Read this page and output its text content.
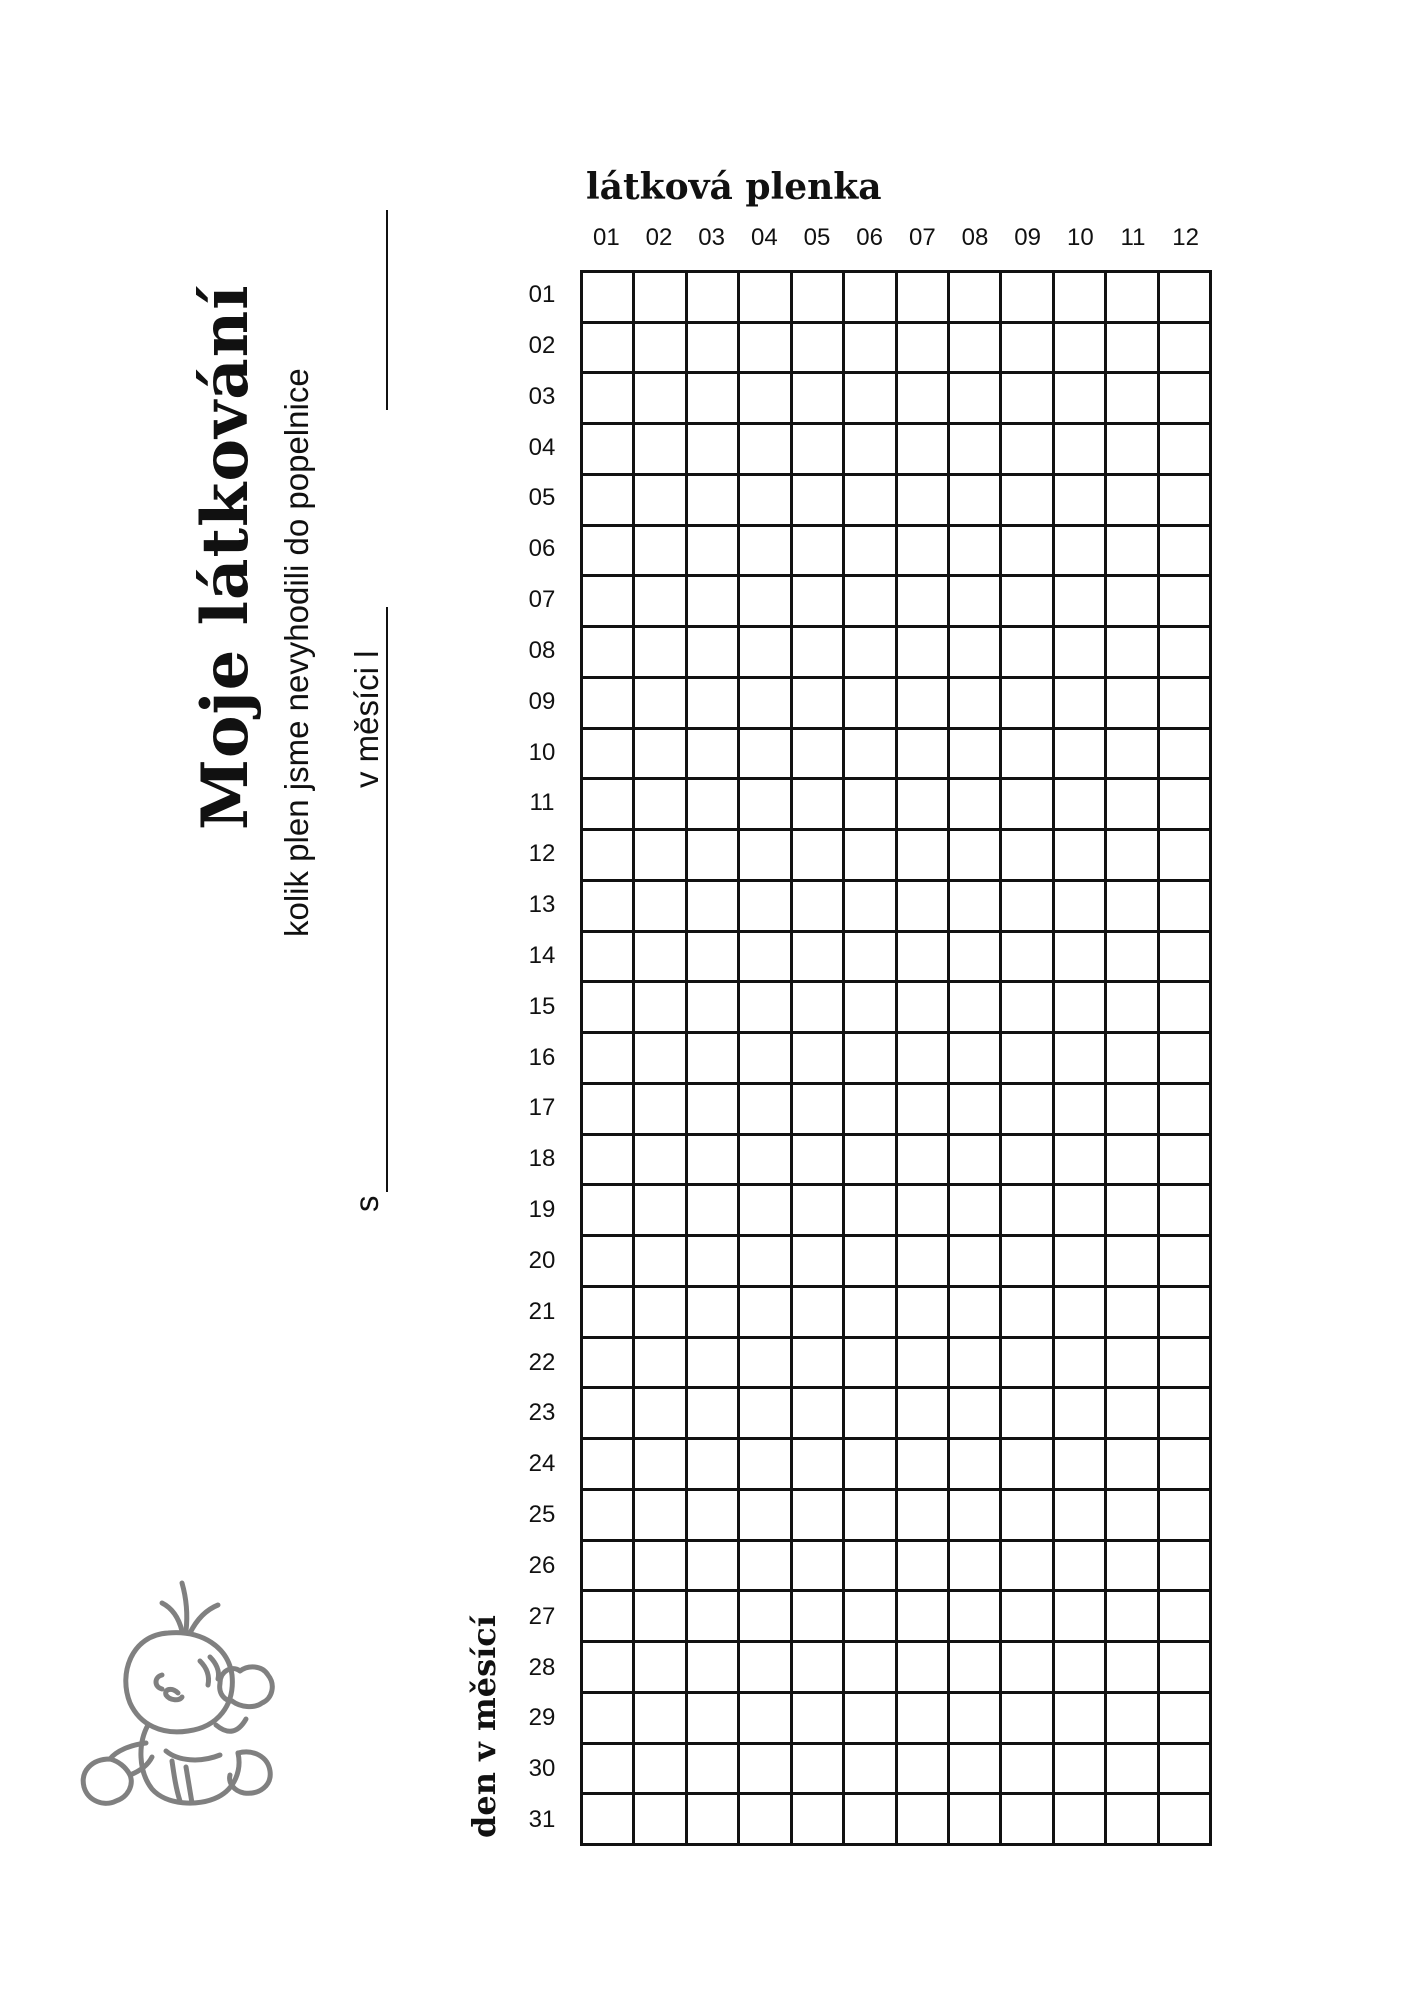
Moje látkování kolik plen jsme nevyhodili do popelnice
s
v měsíci l
látková plenka
den v měsící
01	02	03	04	05	06	07	08	09	10	11	12
01
02
03
04
05
06
07
08
09
10
11
12
13
14
15
16
17
18
19
20
21
22
23
24
25
26
27
28
29
30
31
